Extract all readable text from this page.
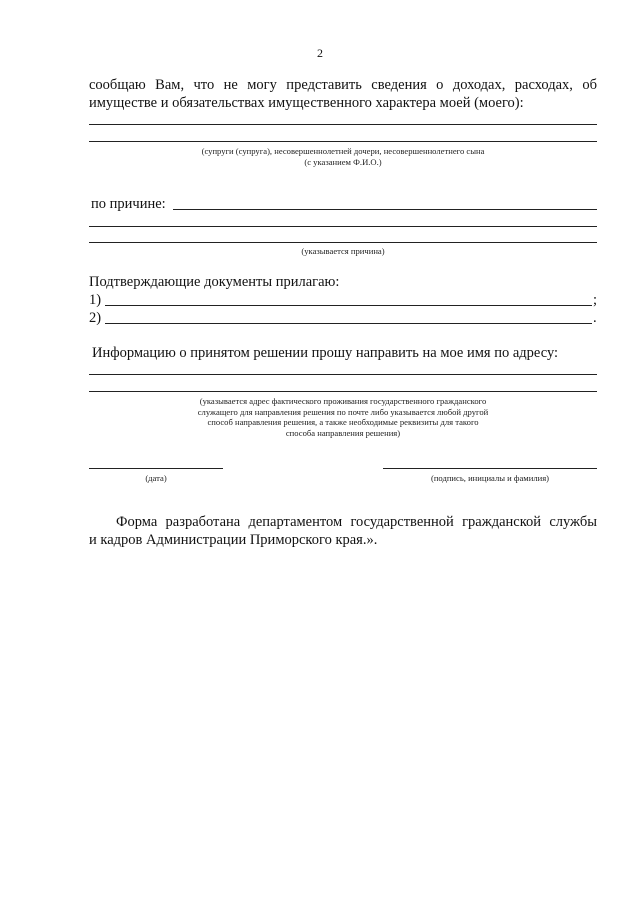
2
сообщаю Вам, что не могу представить сведения о доходах, расходах, об
имуществе и обязательствах имущественного характера моей (моего):
(супруги (супруга), несовершеннолетней дочери, несовершеннолетнего сына
(с указанием Ф.И.О.)
по причине:
(указывается причина)
Подтверждающие документы прилагаю:
1)	;
2)	.
Информацию о принятом решении прошу направить на мое имя по адресу:
(указывается адрес фактического проживания государственного гражданского
служащего для направления решения по почте либо указывается любой другой
способ направления решения, а также необходимые реквизиты для такого
способа направления решения)
(дата)	(подпись, инициалы и фамилия)
Форма разработана департаментом государственной гражданской службы
и кадров Администрации Приморского края.».
